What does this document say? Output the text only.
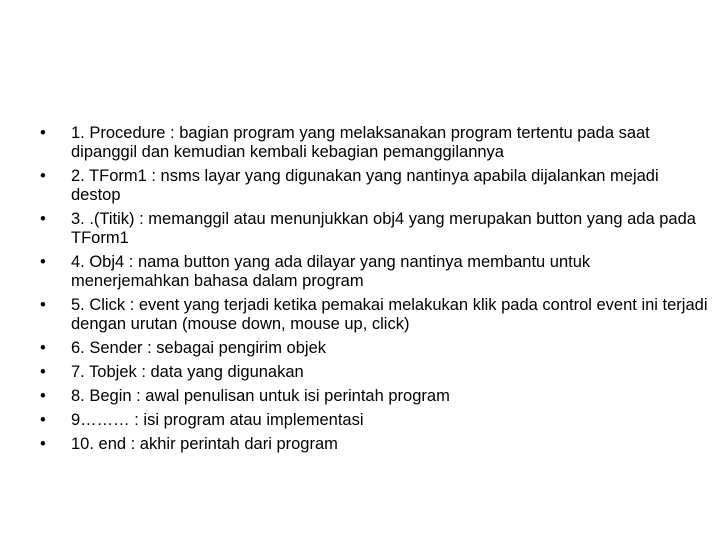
•	1. Procedure : bagian program yang melaksanakan program tertentu pada saat dipanggil dan kemudian kembali kebagian pemanggilannya
•	2. TForm1 : nsms layar yang digunakan yang nantinya apabila dijalankan mejadi destop
•	3. .(Titik) : memanggil atau menunjukkan obj4 yang merupakan button yang ada pada TForm1
•	4. Obj4 : nama button yang ada dilayar yang nantinya membantu untuk menerjemahkan bahasa dalam program
•	5. Click : event yang terjadi ketika pemakai melakukan klik pada control event ini terjadi dengan urutan (mouse down, mouse up, click)
•	6. Sender : sebagai pengirim objek
•	7. Tobjek : data yang digunakan
•	8. Begin : awal penulisan untuk isi perintah program
•	9……… : isi program atau implementasi
•	10. end : akhir perintah dari program
